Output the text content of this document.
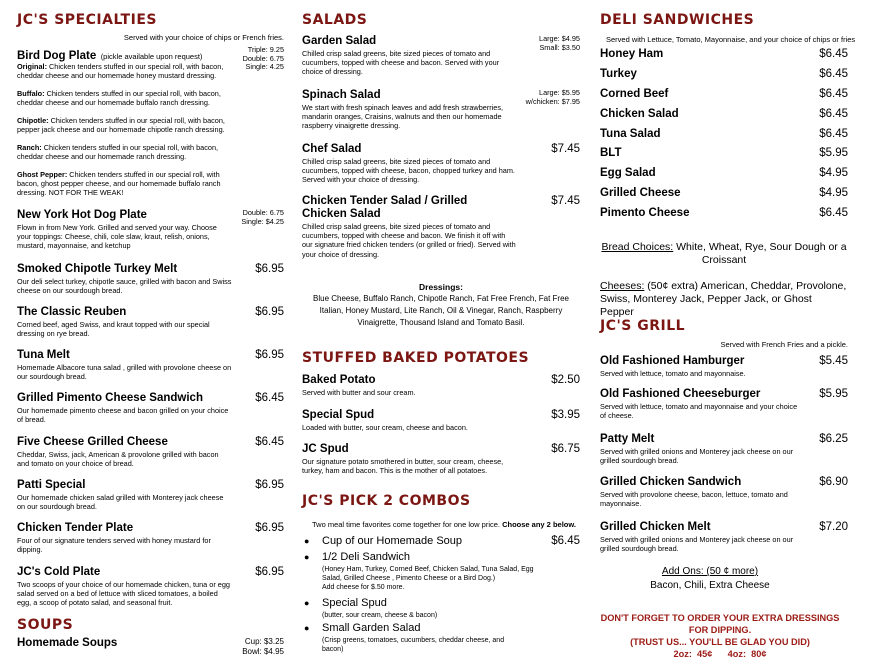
JC'S SPECIALTIES
Served with your choice of chips or French fries.
Bird Dog Plate (pickle available upon request)
Triple: 9.25
Double: 6.75
Single: 4.25
Original: Chicken tenders stuffed in our special roll, with bacon, cheddar cheese and our homemade honey mustard dressing.
Buffalo: Chicken tenders stuffed in our special roll, with bacon, cheddar cheese and our homemade buffalo ranch dressing.
Chipotle: Chicken tenders stuffed in our special roll, with bacon, pepper jack cheese and our homemade chipotle ranch dressing.
Ranch: Chicken tenders stuffed in our special roll, with bacon, cheddar cheese and our homemade ranch dressing.
Ghost Pepper: Chicken tenders stuffed in our special roll, with bacon, ghost pepper cheese, and our homemade buffalo ranch dressing. NOT FOR THE WEAK!
New York Hot Dog Plate
Flown in from New York. Grilled and served your way. Choose your toppings: Cheese, chili, cole slaw, kraut, relish, onions, mustard, mayonnaise, and ketchup
Double: 6.75
Single: $4.25
Smoked Chipotle Turkey Melt
Our deli select turkey, chipotle sauce, grilled with bacon and Swiss cheese on our sourdough bread.
$6.95
The Classic Reuben
Corned beef, aged Swiss, and kraut topped with our special dressing on rye bread.
$6.95
Tuna Melt
Homemade Albacore tuna salad , grilled with provolone cheese on our sourdough bread.
$6.95
Grilled Pimento Cheese Sandwich
Our homemade pimento cheese and bacon grilled on your choice of bread.
$6.45
Five Cheese Grilled Cheese
Cheddar, Swiss, jack, American & provolone grilled with bacon and tomato on your choice of bread.
$6.45
Patti Special
Our homemade chicken salad grilled with Monterey jack cheese on our sourdough bread.
$6.95
Chicken Tender Plate
Four of our signature tenders served with honey mustard for dipping.
$6.95
JC's Cold Plate
Two scoops of your choice of our homemade chicken, tuna or egg salad served on a bed of lettuce with sliced tomatoes, a boiled egg, a scoop of potato salad, and seasonal fruit.
$6.95
SOUPS
Homemade Soups	Cup: $3.25
Bowl: $4.95
SALADS
Garden Salad
Chilled crisp salad greens, bite sized pieces of tomato and cucumbers, topped with cheese and bacon. Served with your choice of dressing.
Large: $4.95
Small: $3.50
Spinach Salad
We start with fresh spinach leaves and add fresh strawberries, mandarin oranges, Craisins, walnuts and then our homemade raspberry vinaigrette dressing.
Large: $5.95
w/chicken: $7.95
Chef Salad
Chilled crisp salad greens, bite sized pieces of tomato and cucumbers, topped with cheese, bacon, chopped turkey and ham. Served with your choice of dressing.
$7.45
Chicken Tender Salad / Grilled Chicken Salad
Chilled crisp salad greens, bite sized pieces of tomato and cucumbers, topped with cheese and bacon. We finish it off with our signature fried chicken tenders (or grilled or fried). Served with your choice of dressing.
$7.45
Dressings:
Blue Cheese, Buffalo Ranch, Chipotle Ranch, Fat Free French, Fat Free Italian, Honey Mustard, Lite Ranch, Oil & Vinegar, Ranch, Raspberry Vinaigrette, Thousand Island and Tomato Basil.
STUFFED BAKED POTATOES
Baked Potato
Served with butter and sour cream.
$2.50
Special Spud
Loaded with butter, sour cream, cheese and bacon.
$3.95
JC Spud
Our signature potato smothered in butter, sour cream, cheese, turkey, ham and bacon. This is the mother of all potatoes.
$6.75
JC'S PICK 2 COMBOS
Two meal time favorites come together for one low price. Choose any 2 below.
$6.45
● Cup of our Homemade Soup
● 1/2 Deli Sandwich
(Honey Ham, Turkey, Corned Beef, Chicken Salad, Tuna Salad, Egg Salad, Grilled Cheese , Pimento Cheese or a Bird Dog.)
Add cheese for $.50 more.
● Special Spud
(butter, sour cream, cheese & bacon)
● Small Garden Salad
(Crisp greens, tomatoes, cucumbers, cheddar cheese, and bacon)
DELI SANDWICHES
Served with Lettuce, Tomato, Mayonnaise, and your choice of chips or fries
Honey Ham	$6.45
Turkey	$6.45
Corned Beef	$6.45
Chicken Salad	$6.45
Tuna Salad	$6.45
BLT	$5.95
Egg Salad	$4.95
Grilled Cheese	$4.95
Pimento Cheese	$6.45
Bread Choices: White, Wheat, Rye, Sour Dough or a Croissant
Cheeses: (50¢ extra) American, Cheddar, Provolone, Swiss, Monterey Jack, Pepper Jack, or Ghost Pepper
JC'S GRILL
Served with French Fries and a pickle.
Old Fashioned Hamburger
Served with lettuce, tomato and mayonnaise.
$5.45
Old Fashioned Cheeseburger
Served with lettuce, tomato and mayonnaise and your choice of cheese.
$5.95
Patty Melt
Served with grilled onions and Monterey jack cheese on our grilled sourdough bread.
$6.25
Grilled Chicken Sandwich
Served with provolone cheese, bacon, lettuce, tomato and mayonnaise.
$6.90
Grilled Chicken Melt
Served with grilled onions and Monterey jack cheese on our grilled sourdough bread.
$7.20
Add Ons: (50 ¢ more)
Bacon, Chili, Extra Cheese
DON'T FORGET TO ORDER YOUR EXTRA DRESSINGS
FOR DIPPING.
(TRUST US... YOU'LL BE GLAD YOU DID)
2oz:  45¢      4oz:  80¢
